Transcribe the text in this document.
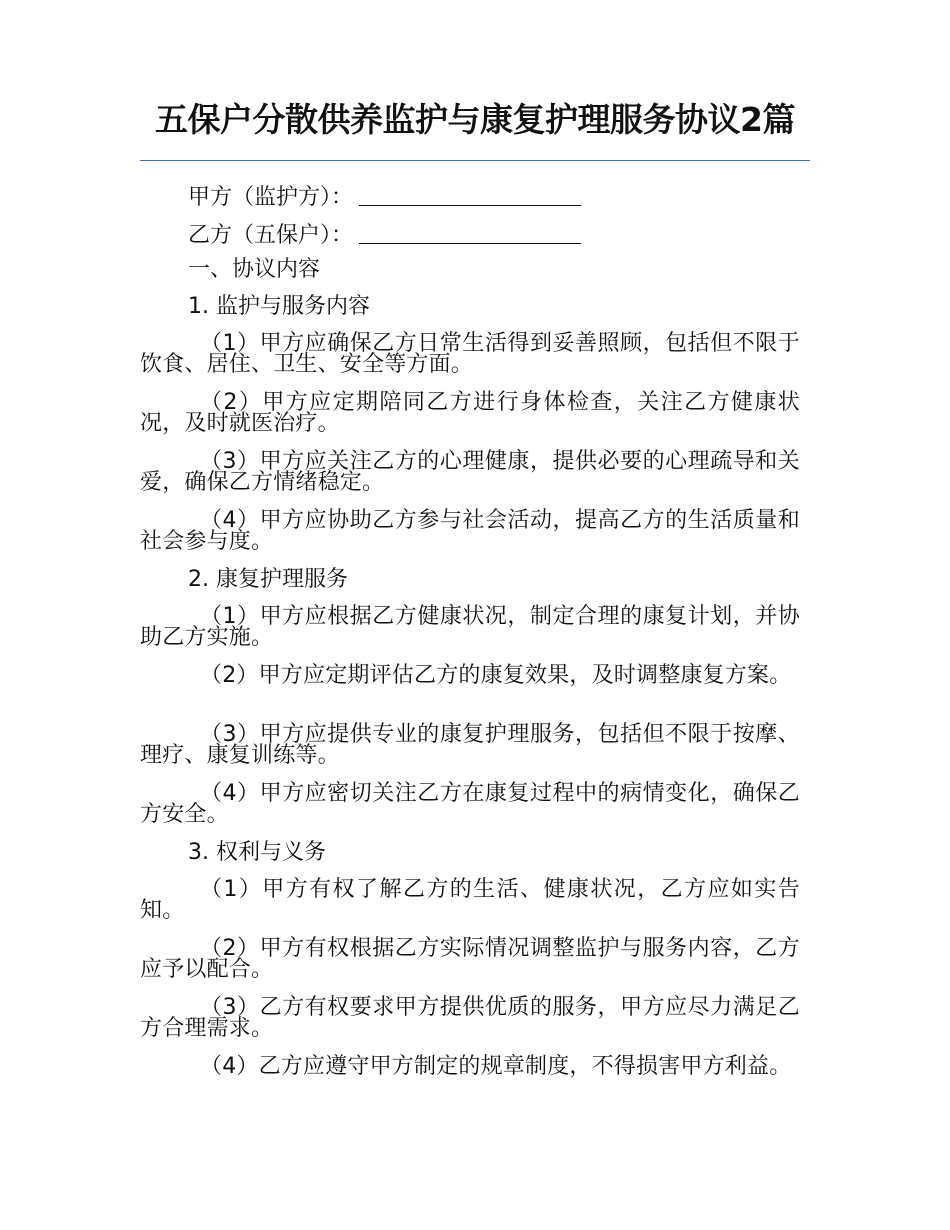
五保户分散供养监护与康复护理服务协议2篇

甲方（监护方）：

乙方（五保户）：

一、协议内容

1. 监护与服务内容

（1）甲方应确保乙方日常生活得到妥善照顾，包括但不限于饮食、居住、卫生、安全等方面。

（2）甲方应定期陪同乙方进行身体检查，关注乙方健康状况，及时就医治疗。

（3）甲方应关注乙方的心理健康，提供必要的心理疏导和关爱，确保乙方情绪稳定。

（4）甲方应协助乙方参与社会活动，提高乙方的生活质量和社会参与度。

2. 康复护理服务

（1）甲方应根据乙方健康状况，制定合理的康复计划，并协助乙方实施。

（2）甲方应定期评估乙方的康复效果，及时调整康复方案。

（3）甲方应提供专业的康复护理服务，包括但不限于按摩、理疗、康复训练等。

（4）甲方应密切关注乙方在康复过程中的病情变化，确保乙方安全。

3. 权利与义务

（1）甲方有权了解乙方的生活、健康状况，乙方应如实告知。

（2）甲方有权根据乙方实际情况调整监护与服务内容，乙方应予以配合。

（3）乙方有权要求甲方提供优质的服务，甲方应尽力满足乙方合理需求。

（4）乙方应遵守甲方制定的规章制度，不得损害甲方利益。
